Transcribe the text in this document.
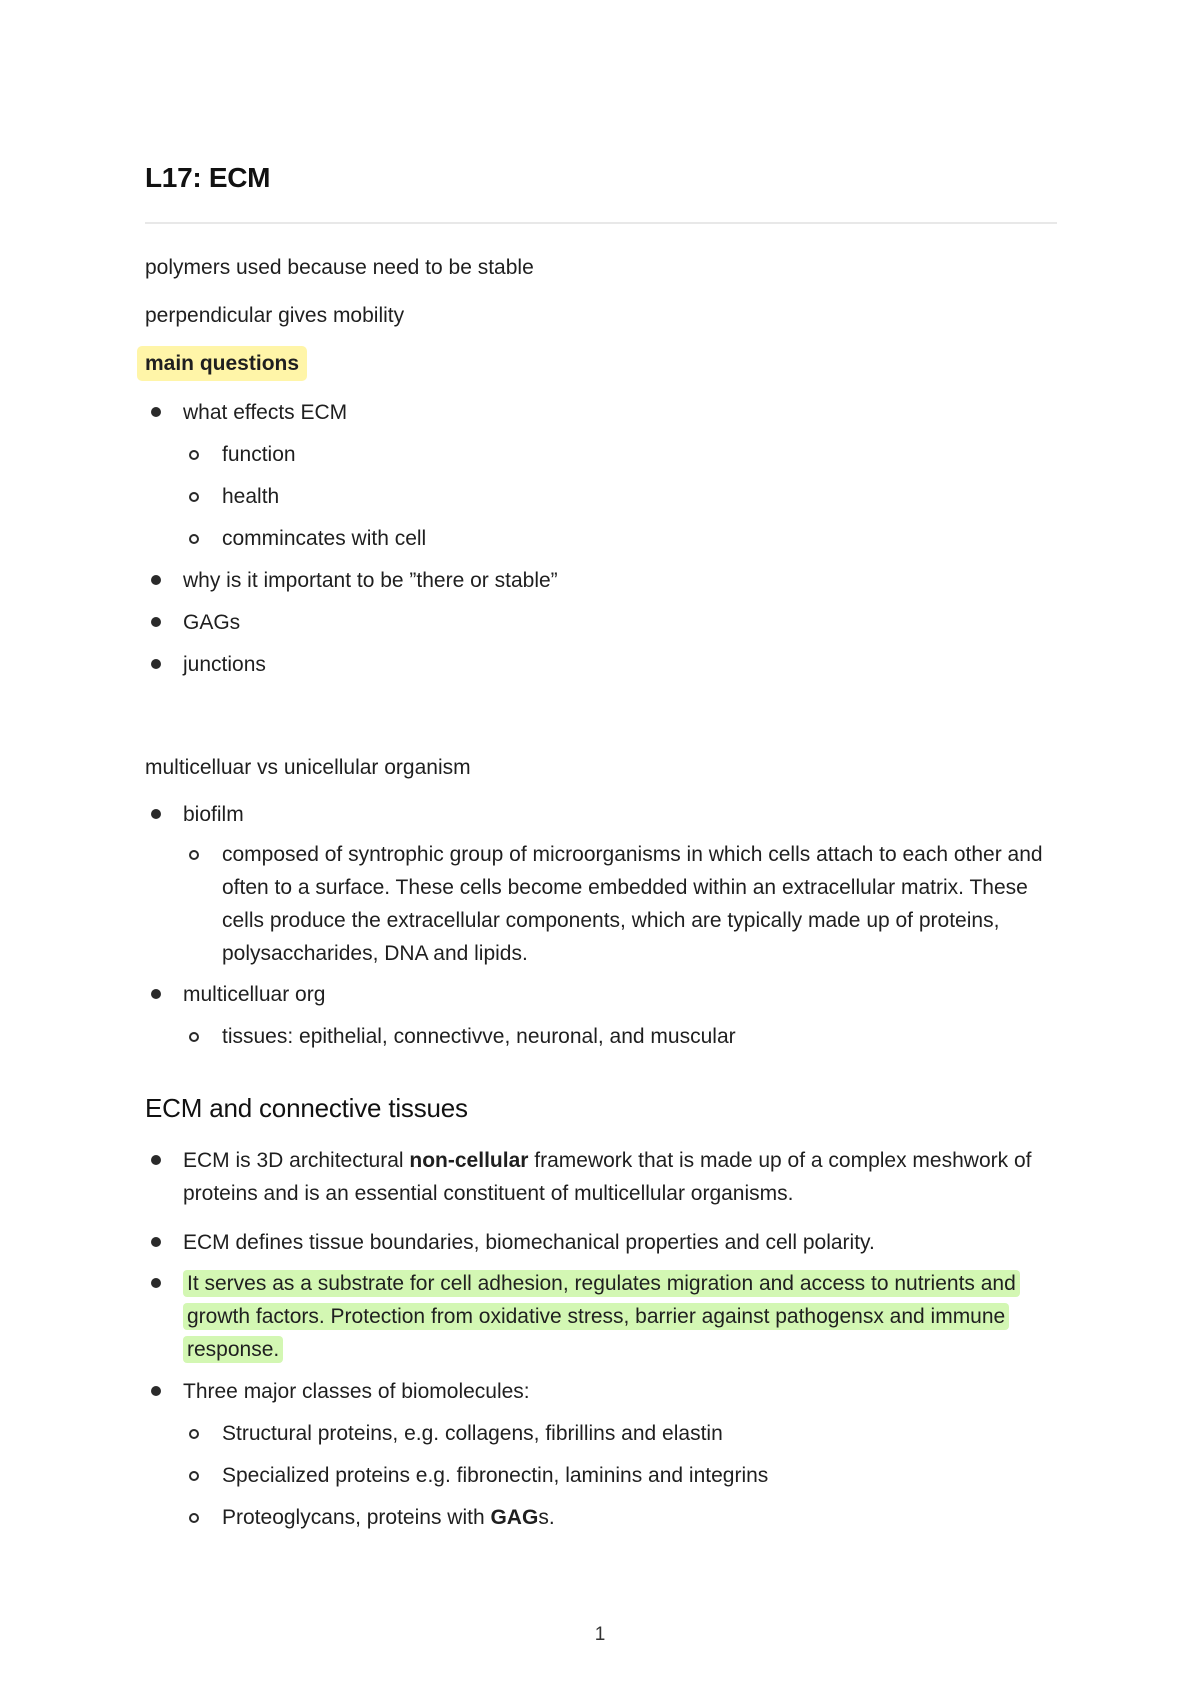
L17: ECM
polymers used because need to be stable
perpendicular gives mobility
main questions
what effects ECM
function
health
commincates with cell
why is it important to be ”there or stable”
GAGs
junctions
multicelluar vs unicellular organism
biofilm
composed of syntrophic group of microorganisms in which cells attach to each other and often to a surface. These cells become embedded within an extracellular matrix. These cells produce the extracellular components, which are typically made up of proteins, polysaccharides, DNA and lipids.
multicelluar org
tissues: epithelial, connectivve, neuronal, and muscular
ECM and connective tissues
ECM is 3D architectural non-cellular framework that is made up of a complex meshwork of proteins and is an essential constituent of multicellular organisms.
ECM defines tissue boundaries, biomechanical properties and cell polarity.
It serves as a substrate for cell adhesion, regulates migration and access to nutrients and growth factors. Protection from oxidative stress, barrier against pathogensx and immune response.
Three major classes of biomolecules:
Structural proteins, e.g. collagens, fibrillins and elastin
Specialized proteins e.g. fibronectin, laminins and integrins
Proteoglycans, proteins with GAGs.
1
